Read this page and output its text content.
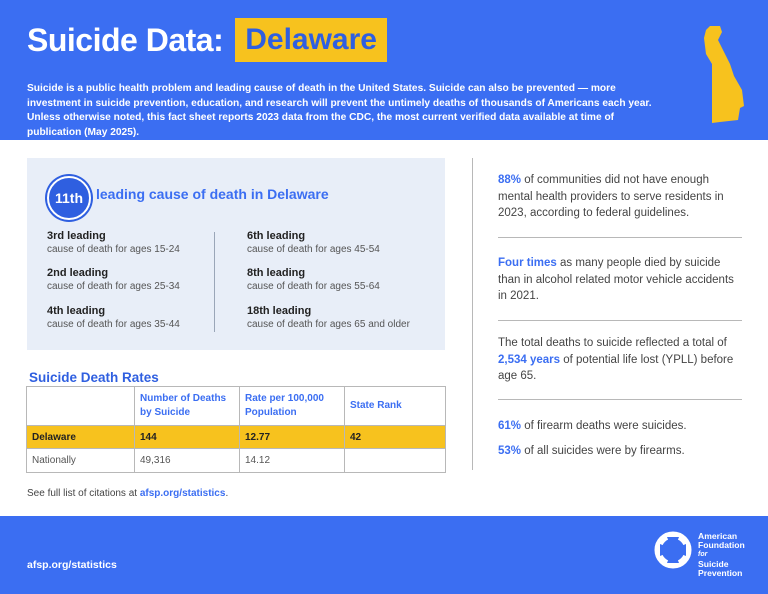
Suicide Data: Delaware
Suicide is a public health problem and leading cause of death in the United States. Suicide can also be prevented — more investment in suicide prevention, education, and research will prevent the untimely deaths of thousands of Americans each year. Unless otherwise noted, this fact sheet reports 2023 data from the CDC, the most current verified data available at time of publication (May 2025).
11th leading cause of death in Delaware
3rd leading
cause of death for ages 15-24
2nd leading
cause of death for ages 25-34
4th leading
cause of death for ages 35-44
6th leading
cause of death for ages 45-54
8th leading
cause of death for ages 55-64
18th leading
cause of death for ages 65 and older
Suicide Death Rates
	Number of Deaths by Suicide	Rate per 100,000 Population	State Rank
Delaware	144	12.77	42
Nationally	49,316	14.12	
See full list of citations at afsp.org/statistics.
88% of communities did not have enough mental health providers to serve residents in 2023, according to federal guidelines.
Four times as many people died by suicide than in alcohol related motor vehicle accidents in 2021.
The total deaths to suicide reflected a total of 2,534 years of potential life lost (YPLL) before age 65.
61% of firearm deaths were suicides.
53% of all suicides were by firearms.
afsp.org/statistics
American
Foundation
for
Suicide
Prevention
